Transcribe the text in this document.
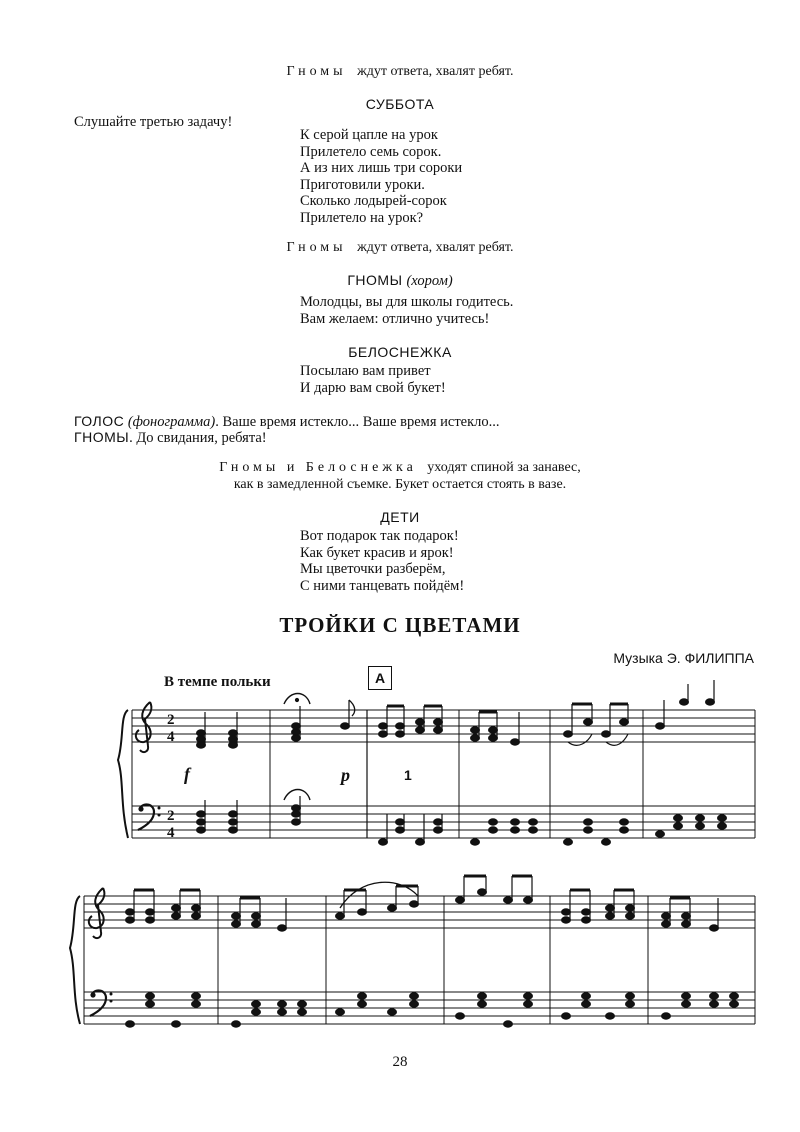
Гномы ждут ответа, хвалят ребят.
СУББОТА
Слушайте третью задачу!
К серой цапле на урок
Прилетело семь сорок.
А из них лишь три сороки
Приготовили уроки.
Сколько лодырей-сорок
Прилетело на урок?
Гномы ждут ответа, хвалят ребят.
ГНОМЫ (хором)
Молодцы, вы для школы годитесь.
Вам желаем: отлично учитесь!
БЕЛОСНЕЖКА
Посылаю вам привет
И дарю вам свой букет!
ГОЛОС (фонограмма). Ваше время истекло... Ваше время истекло...
ГНОМЫ. До свидания, ребята!
Гномы и Белоснежка уходят спиной за занавес,
как в замедленной съемке. Букет остается стоять в вазе.
ДЕТИ
Вот подарок так подарок!
Как букет красив и ярок!
Мы цветочки разберём,
С ними танцевать пойдём!
ТРОЙКИ С ЦВЕТАМИ
Музыка Э. ФИЛИППА
В темпе польки	A
2
4
2
4
f	p	1
28
